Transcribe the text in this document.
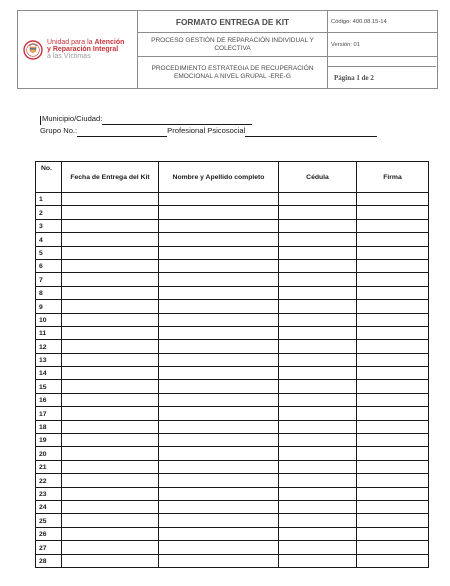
Unidad para la Atención
y Reparación Integral
a las Víctimas	FORMATO ENTREGA DE KIT	Código: 400.08.15-14
	PROCESO GESTIÓN DE REPARACIÓN INDIVIDUAL Y COLECTIVA	Versión: 01
	PROCEDIMIENTO ESTRATEGIA DE RECUPERACIÓN EMOCIONAL A NIVEL GRUPAL -ERE-G		Página 1 de 2
Municipio/Ciudad:
Grupo No.:	Profesional Psicosocial
No.	Fecha de Entrega del Kit	Nombre y Apellido completo	Cédula	Firma
1				
2				
3				
4				
5				
6				
7				
8				
9				
10				
11				
12				
13				
14				
15				
16				
17				
18				
19				
20				
21				
22				
23				
24				
25				
26				
27				
28				
